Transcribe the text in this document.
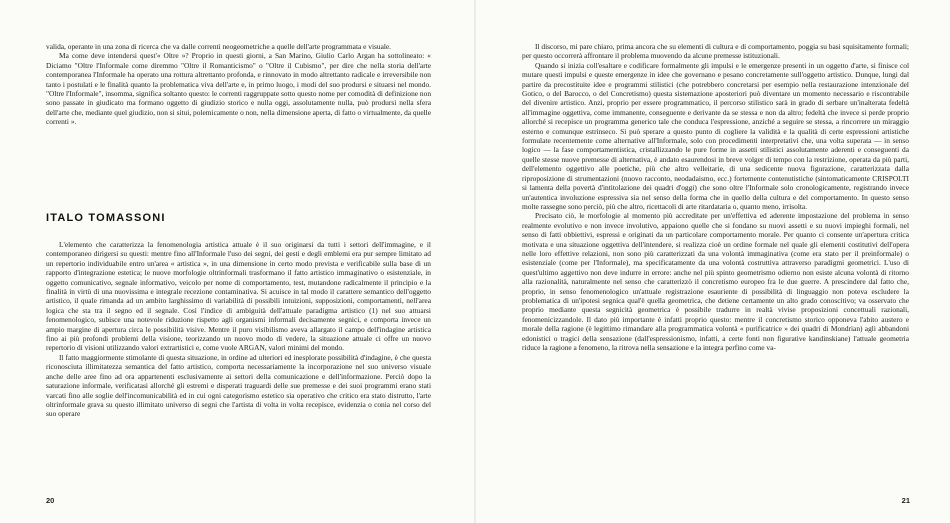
valida, operante in una zona di ricerca che va dalle correnti neogeometriche a quelle dell'arte programmata e visuale.

Ma come deve intendersi quest'« Oltre »? Proprio in questi giorni, a San Marino, Giulio Carlo Argan ha sottolineato: « Diciamo "Oltre l'Informale come diremmo "Oltre il Romanticismo" o "Oltre il Cubismo", per dire che nella storia dell'arte contemporanea l'Informale ha operato una rottura altrettanto profonda, e rinnovato in modo altrettanto radicale e irreversibile non tanto i postulati e le finalità quanto la problematica viva dell'arte e, in primo luogo, i modi del suo prodursi e situarsi nel mondo. "Oltre l'Informale", insomma, significa soltanto questo: le correnti raggruppate sotto questo nome per comodità di definizione non sono passate in giudicato ma formano oggetto di giudizio storico e nulla oggi, assolutamente nulla, può prodursi nella sfera dell'arte che, mediante quel giudizio, non si situi, polemicamente o non, nella dimensione aperta, di fatto o virtualmente, da quelle correnti ».

ITALO TOMASSONI

L'elemento che caratterizza la fenomenologia artistica attuale è il suo originarsi da tutti i settori dell'immagine, e il contemporaneo dirigersi su questi: mentre fino all'Informale l'uso dei segni, dei gesti e degli emblemi era pur sempre limitato ad un repertorio individuabile entro un'area « artistica », in una dimensione in certo modo prevista e verificabile sulla base di un rapporto d'integrazione estetica; le nuove morfologie oltrinformali trasformano il fatto artistico immaginativo o esistenziale, in oggetto comunicativo, segnale informativo, veicolo per nome di comportamento, test, mutandone radicalmente il principio e la finalità in virtù di una nuovissima e integrale recezione contaminativa. Si acuisce in tal modo il carattere semantico dell'oggetto artistico, il quale rimanda ad un ambito larghissimo di variabilità di possibili intuizioni, supposizioni, comportamenti, nell'area logica che sta tra il segno ed il segnale. Così l'indice di ambiguità dell'attuale paradigma artistico (1) nel suo attuarsi fenomenologico, subisce una notevole riduzione rispetto agli organismi informali decisamente segnici, e comporta invece un ampio margine di apertura circa le possibilità visive. Mentre il puro visibilismo aveva allargato il campo dell'indagine artistica fino ai più profondi problemi della visione, teorizzando un nuovo modo di vedere, la situazione attuale ci offre un nuovo repertorio di visioni utilizzando valori extrartistici e, come vuole ARGAN, valori minimi del mondo.

Il fatto maggiormente stimolante di questa situazione, in ordine ad ulteriori ed inesplorate possibilità d'indagine, è che questa riconosciuta illimitatezza semantica del fatto artistico, comporta necessariamente la incorporazione nel suo universo visuale anche delle aree fino ad ora appartenenti esclusivamente ai settori della comunicazione e dell'informazione. Perciò dopo la saturazione informale, verificatasi allorché gli estremi e disperati traguardi delle sue premesse e dei suoi programmi erano stati varcati fino alle soglie dell'incomunicabilità ed in cui ogni categorismo estetico sia operativo che critico era stato distrutto, l'arte oltrinformale grava su questo illimitato universo di segni che l'artista di volta in volta recepisce, evidenzia o conia nel corso del suo operare

20

Il discorso, mi pare chiaro, prima ancora che su elementi di cultura e di comportamento, poggia su basi squisitamente formali; per questo occorrerà affrontare il problema muovendo da alcune premesse istituzionali.

Quando si inizia coll'esaltare e codificare formalmente gli impulsi e le emergenze presenti in un oggetto d'arte, si finisce col mutare questi impulsi e queste emergenze in idee che governano e pesano concretamente sull'oggetto artistico. Dunque, lungi dal partire da precostituite idee e programmi stilistici (che potrebbero concretarsi per esempio nella restaurazione intenzionale del Gotico, o del Barocco, o del Concretismo) questa sistemazione aposteriori può diventare un momento necessario e riscontrabile del divenire artistico. Anzi, proprio per essere programmatico, il percorso stilistico sarà in grado di serbare un'inalterata fedeltà all'immagine oggettiva, come immanente, conseguente e derivante da se stessa e non da altro; fedeltà che invece si perde proprio allorché si recepisce un programma generico tale che conduca l'espressione, anziché a seguire se stessa, a rincorrere un miraggio esterno e comunque estrinseco. Si può sperare a questo punto di cogliere la validità e la qualità di certe espressioni artistiche formulate recentemente come alternative all'Informale, solo con procedimenti interpretativi che, una volta superata — in senso logico — la fase comportamentistica, cristallizzando le pure forme in assetti stilistici assolutamente aderenti e conseguenti da quelle stesse nuove premesse di alternativa, è andato esaurendosi in breve volger di tempo con la restrizione, operata da più parti, dell'elemento oggettivo alle poetiche, più che altro velleitarie, di una sedicente nuova figurazione, caratterizzata dalla riproposizione di strumentazioni (nuovo racconto, neodadaismo, ecc.) fortemente contenutistiche (sintomaticamente CRISPOLTI si lamenta della povertà d'intitolazione dei quadri d'oggi) che sono oltre l'Informale solo cronologicamente, registrando invece un'autentica involuzione espressiva sia nel senso della forma che in quello della cultura e del comportamento. In questo senso molte rassegne sono perciò, più che altro, ricettacoli di arte ritardataria o, quanto meno, irrisolta.

Precisato ciò, le morfologie al momento più accreditate per un'effettiva ed aderente impostazione del problema in senso realmente evolutivo e non invece involutivo, appaiono quelle che si fondano su nuovi assetti e su nuovi impieghi formali, nel senso di fatti obbiettivi, espressi e originati da un particolare comportamento morale. Per quanto ci consente un'apertura critica motivata e una situazione oggettiva dell'intendere, si realizza cioè un ordine formale nel quale gli elementi costitutivi dell'opera nelle loro effettive relazioni, non sono più caratterizzati da una volontà immaginativa (come era stato per il preinformale) o esistenziale (come per l'Informale), ma specificatamente da una volontà costruttiva attraverso paradigmi geometrici. L'uso di quest'ultimo aggettivo non deve indurre in errore: anche nel più spinto geometrismo odierno non esiste alcuna volontà di ritorno alla razionalità, naturalmente nel senso che caratterizzò il concretismo europeo fra le due guerre. A prescindere dal fatto che, proprio, in senso fenomenologico un'attuale registrazione esauriente di possibilità di linguaggio non poteva escludere la problematica di un'ipotesi segnica qual'è quella geometrica, che detiene certamente un alto grado conoscitivo; va osservato che proprio mediante questa segnicità geometrica è possibile tradurre in realtà vivise proposizioni concettuali razionali, fenomenicizzandole. Il dato più importante è infatti proprio questo: mentre il concretismo storico opponeva l'abito austero e morale della ragione (è legittimo rimandare alla programmatica volontà « purificatrice » dei quadri di Mondrian) agli abbandoni edonistici o tragici della sensazione (dall'espressionismo, infatti, a certe fonti non figurative kandinskiane) l'attuale geometria riduce la ragione a fenomeno, la ritrova nella sensazione e la integra perfino come va-

21
